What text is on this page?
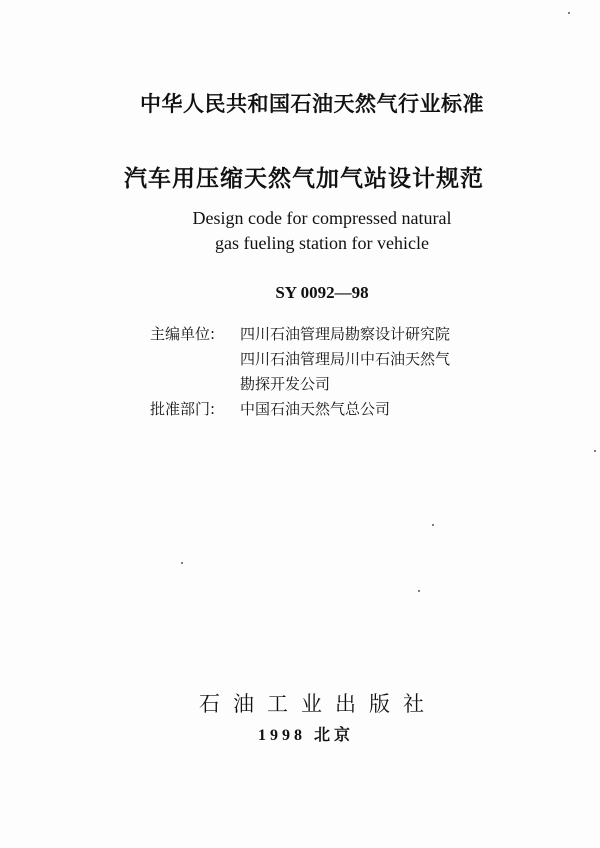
中华人民共和国石油天然气行业标准
汽车用压缩天然气加气站设计规范
Design code for compressed natural
gas fueling station for vehicle
SY 0092—98
主编单位:	四川石油管理局勘察设计研究院
四川石油管理局川中石油天然气
勘探开发公司
批准部门:	中国石油天然气总公司
石油工业出版社
1998 北京
